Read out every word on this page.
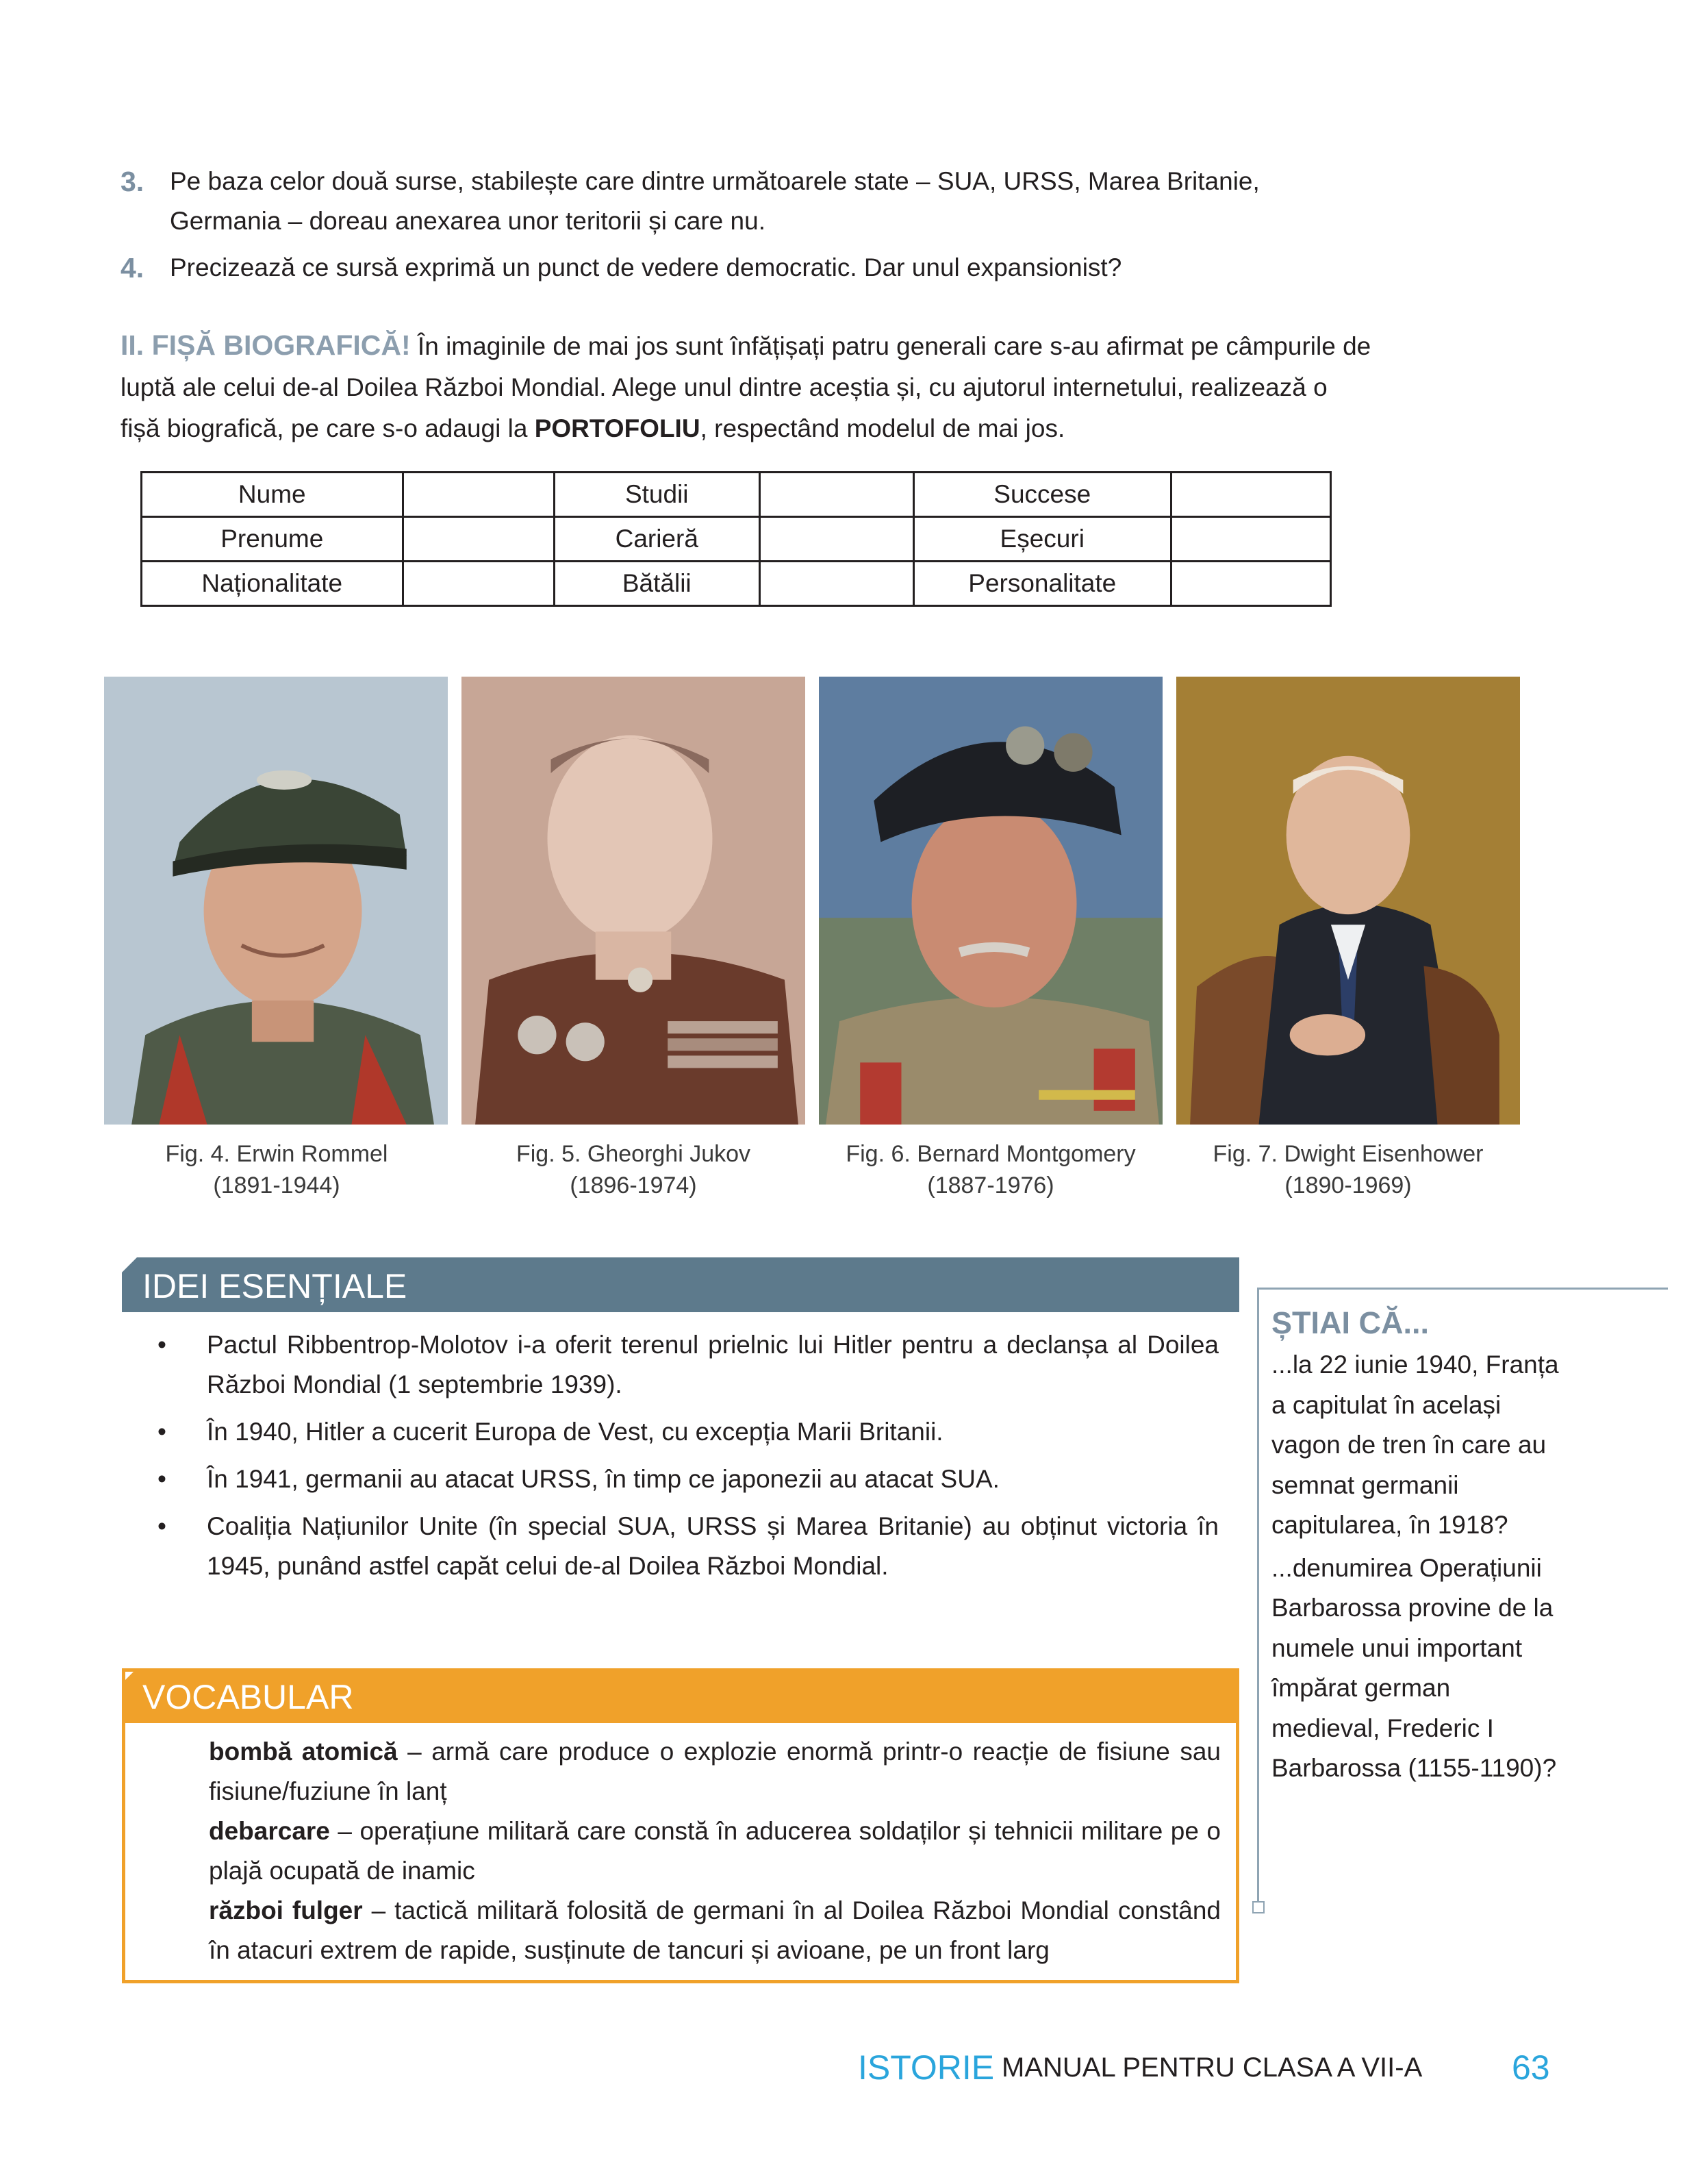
3. Pe baza celor două surse, stabilește care dintre următoarele state – SUA, URSS, Marea Britanie, Germania – doreau anexarea unor teritorii și care nu.
4. Precizează ce sursă exprimă un punct de vedere democratic. Dar unul expansionist?
II. FIȘĂ BIOGRAFICĂ! În imaginile de mai jos sunt înfățișați patru generali care s-au afirmat pe câmpurile de luptă ale celui de-al Doilea Război Mondial. Alege unul dintre aceștia și, cu ajutorul internetului, realizează o fișă biografică, pe care s-o adaugi la PORTOFOLIU, respectând modelul de mai jos.
Nume		Studii		Succese	
Prenume		Carieră		Eșecuri	
Naționalitate		Bătălii		Personalitate	
Fig. 4. Erwin Rommel
(1891-1944)
Fig. 5. Gheorghi Jukov
(1896-1974)
Fig. 6. Bernard Montgomery
(1887-1976)
Fig. 7. Dwight Eisenhower
(1890-1969)
IDEI ESENȚIALE
• Pactul Ribbentrop-Molotov i-a oferit terenul prielnic lui Hitler pentru a declanșa al Doilea Război Mondial (1 septembrie 1939).
• În 1940, Hitler a cucerit Europa de Vest, cu excepția Marii Britanii.
• În 1941, germanii au atacat URSS, în timp ce japonezii au atacat SUA.
• Coaliția Națiunilor Unite (în special SUA, URSS și Marea Britanie) au obținut victoria în 1945, punând astfel capăt celui de-al Doilea Război Mondial.
ȘTIAI CĂ...
...la 22 iunie 1940, Franța a capitulat în același vagon de tren în care au semnat germanii capitularea, în 1918?
...denumirea Operațiunii Barbarossa provine de la numele unui important împărat german medieval, Frederic I Barbarossa (1155-1190)?
VOCABULAR
bombă atomică – armă care produce o explozie enormă printr-o reacție de fisiune sau fisiune/fuziune în lanț
debarcare – operațiune militară care constă în aducerea soldaților și tehnicii militare pe o plajă ocupată de inamic
război fulger – tactică militară folosită de germani în al Doilea Război Mondial constând în atacuri extrem de rapide, susținute de tancuri și avioane, pe un front larg
ISTORIE MANUAL PENTRU CLASA A VII-A	63
